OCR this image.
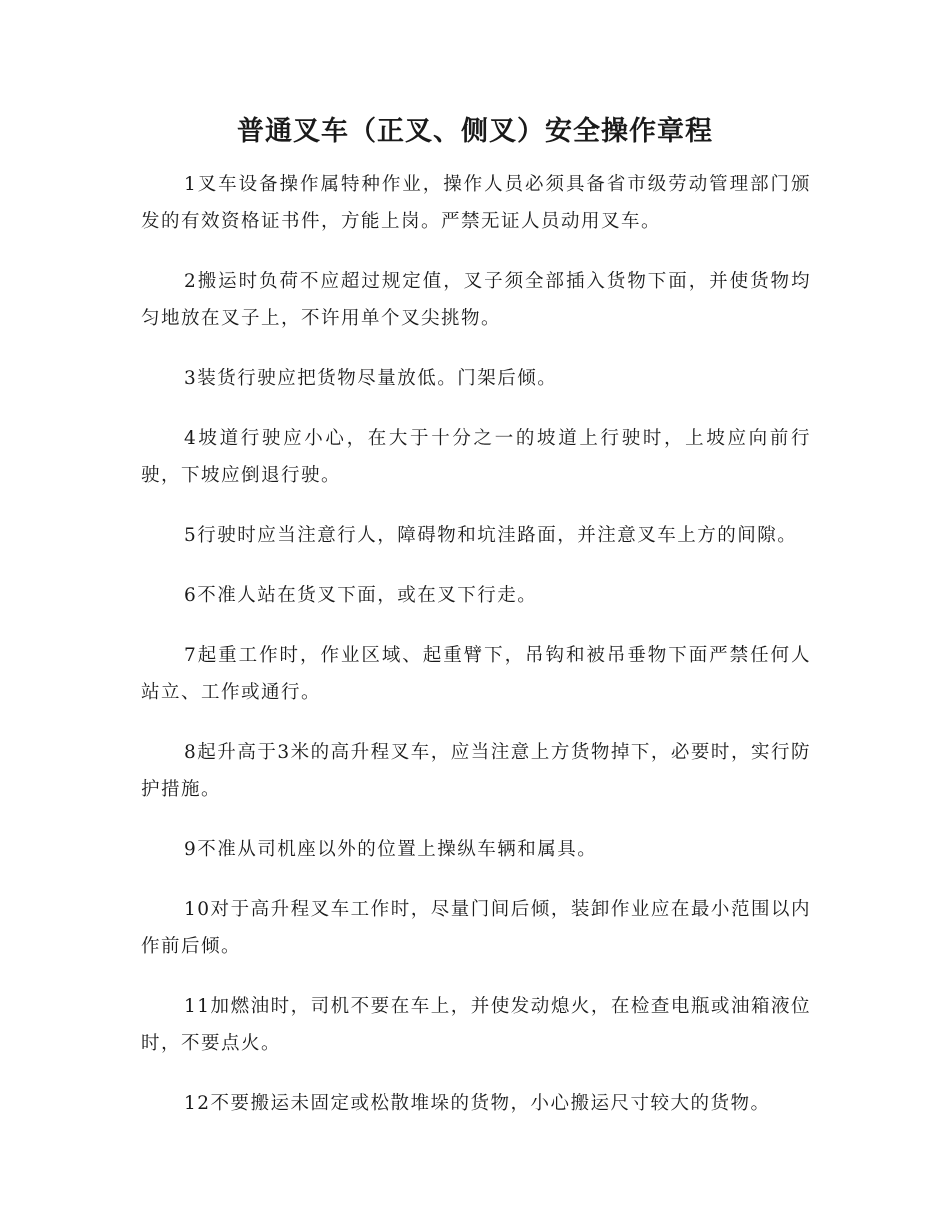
普通叉车（正叉、侧叉）安全操作章程

1叉车设备操作属特种作业，操作人员必须具备省市级劳动管理部门颁发的有效资格证书件，方能上岗。严禁无证人员动用叉车。

2搬运时负荷不应超过规定值，叉子须全部插入货物下面，并使货物均匀地放在叉子上，不许用单个叉尖挑物。

3装货行驶应把货物尽量放低。门架后倾。

4坡道行驶应小心，在大于十分之一的坡道上行驶时，上坡应向前行驶，下坡应倒退行驶。

5行驶时应当注意行人，障碍物和坑洼路面，并注意叉车上方的间隙。

6不准人站在货叉下面，或在叉下行走。

7起重工作时，作业区域、起重臂下，吊钩和被吊垂物下面严禁任何人站立、工作或通行。

8起升高于3米的高升程叉车，应当注意上方货物掉下，必要时，实行防护措施。

9不准从司机座以外的位置上操纵车辆和属具。

10对于高升程叉车工作时，尽量门间后倾，装卸作业应在最小范围以内作前后倾。

11加燃油时，司机不要在车上，并使发动熄火，在检查电瓶或油箱液位时，不要点火。

12不要搬运未固定或松散堆垛的货物，小心搬运尺寸较大的货物。
